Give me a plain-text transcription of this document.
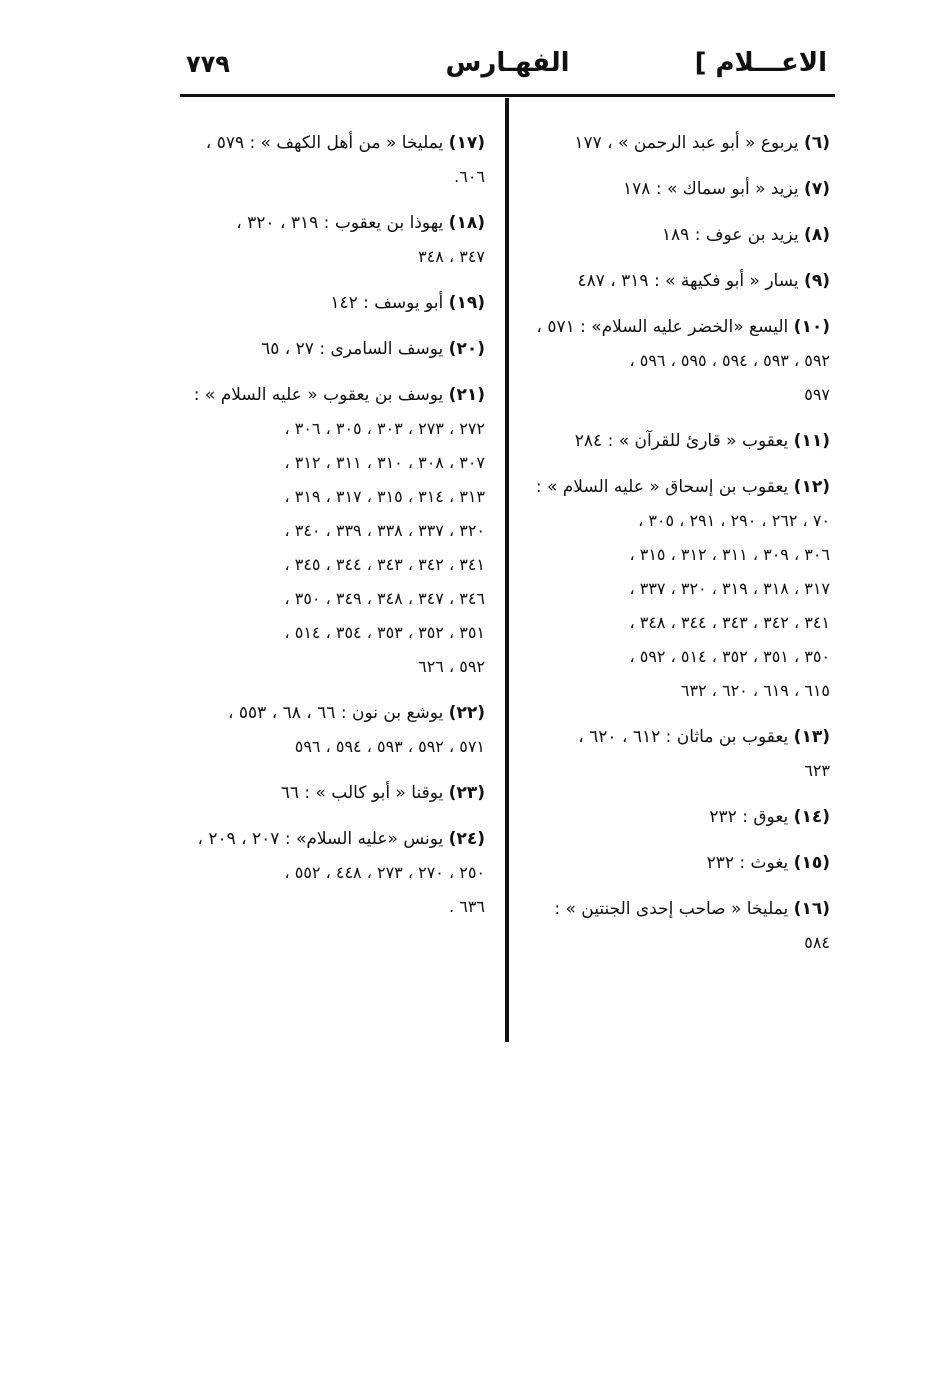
الاعـــلام ]
الفهـارس
٧٧٩
(٦) يربوع « أبو عبد الرحمن » ، ١٧٧
(٧) يزيد « أبو سماك » : ١٧٨
(٨) يزيد بن عوف : ١٨٩
(٩) يسار « أبو فكيهة » : ٣١٩ ، ٤٨٧
(١٠) اليسع «الخضر عليه السلام» : ٥٧١ ،
٥٩٢ ، ٥٩٣ ، ٥٩٤ ، ٥٩٥ ، ٥٩٦ ،
٥٩٧
(١١) يعقوب « قارئ للقرآن » : ٢٨٤
(١٢) يعقوب بن إسحاق « عليه السلام » :
٧٠ ، ٢٦٢ ، ٢٩٠ ، ٢٩١ ، ٣٠٥ ،
٣٠٦ ، ٣٠٩ ، ٣١١ ، ٣١٢ ، ٣١٥ ،
٣١٧ ، ٣١٨ ، ٣١٩ ، ٣٢٠ ، ٣٣٧ ،
٣٤١ ، ٣٤٢ ، ٣٤٣ ، ٣٤٤ ، ٣٤٨ ،
٣٥٠ ، ٣٥١ ، ٣٥٢ ، ٥١٤ ، ٥٩٢ ،
٦١٥ ، ٦١٩ ، ٦٢٠ ، ٦٣٢
(١٣) يعقوب بن ماثان : ٦١٢ ، ٦٢٠ ،
٦٢٣
(١٤) يعوق : ٢٣٢
(١٥) يغوث : ٢٣٢
(١٦) يمليخا « صاحب إحدى الجنتين » :
٥٨٤
(١٧) يمليخا « من أهل الكهف » : ٥٧٩ ،
٦٠٦.
(١٨) يهوذا بن يعقوب : ٣١٩ ، ٣٢٠ ،
٣٤٧ ، ٣٤٨
(١٩) أبو يوسف : ١٤٢
(٢٠) يوسف السامرى : ٢٧ ، ٦٥
(٢١) يوسف بن يعقوب « عليه السلام » :
٢٧٢ ، ٢٧٣ ، ٣٠٣ ، ٣٠٥ ، ٣٠٦ ،
٣٠٧ ، ٣٠٨ ، ٣١٠ ، ٣١١ ، ٣١٢ ،
٣١٣ ، ٣١٤ ، ٣١٥ ، ٣١٧ ، ٣١٩ ،
٣٢٠ ، ٣٣٧ ، ٣٣٨ ، ٣٣٩ ، ٣٤٠ ،
٣٤١ ، ٣٤٢ ، ٣٤٣ ، ٣٤٤ ، ٣٤٥ ،
٣٤٦ ، ٣٤٧ ، ٣٤٨ ، ٣٤٩ ، ٣٥٠ ،
٣٥١ ، ٣٥٢ ، ٣٥٣ ، ٣٥٤ ، ٥١٤ ،
٥٩٢ ، ٦٢٦
(٢٢) يوشع بن نون : ٦٦ ، ٦٨ ، ٥٥٣ ،
٥٧١ ، ٥٩٢ ، ٥٩٣ ، ٥٩٤ ، ٥٩٦
(٢٣) يوقنا « أبو كالب » : ٦٦
(٢٤) يونس «عليه السلام» : ٢٠٧ ، ٢٠٩ ،
٢٥٠ ، ٢٧٠ ، ٢٧٣ ، ٤٤٨ ، ٥٥٢ ،
٦٣٦ .
